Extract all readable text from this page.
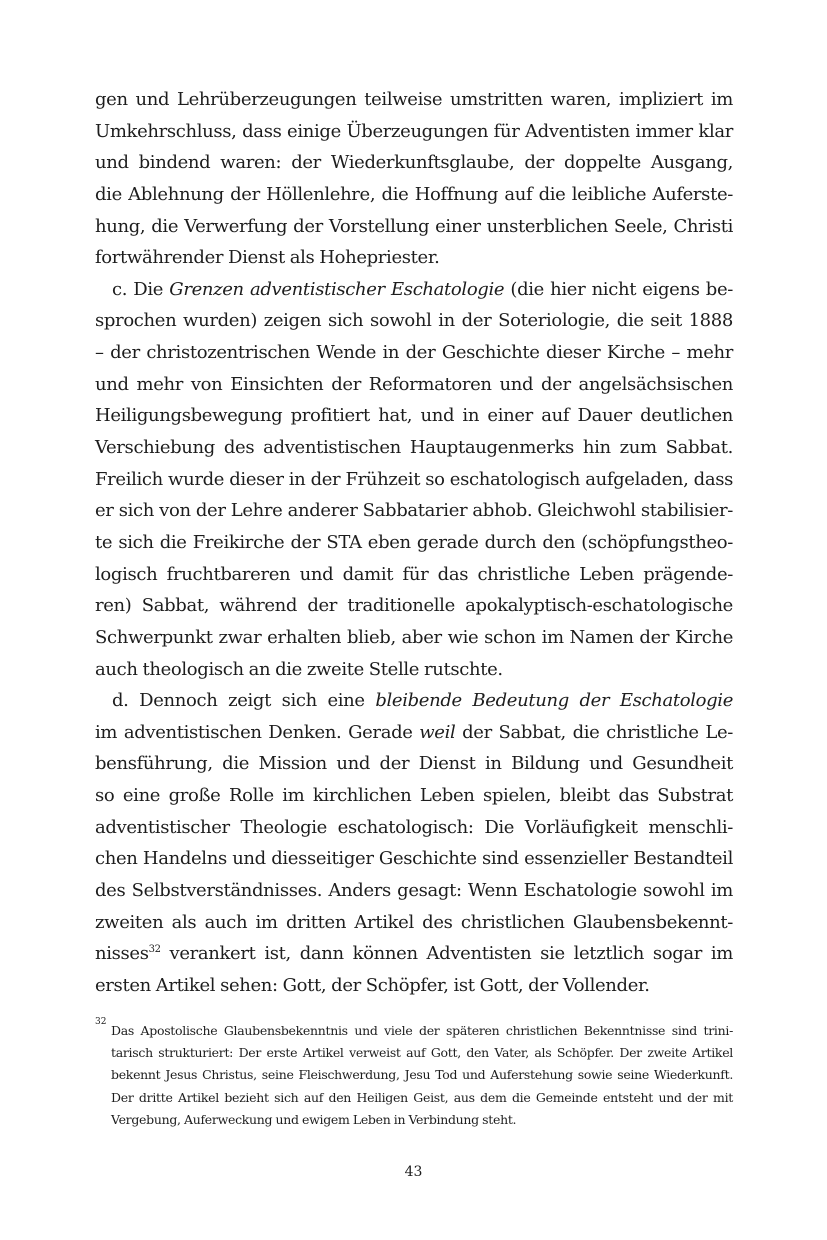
gen und Lehrüberzeugungen teilweise umstritten waren, impliziert im
Umkehrschluss, dass einige Überzeugungen für Adventisten immer klar
und bindend waren: der Wiederkunftsglaube, der doppelte Ausgang,
die Ablehnung der Höllenlehre, die Hoffnung auf die leibliche Auferste-
hung, die Verwerfung der Vorstellung einer unsterblichen Seele, Christi
fortwährender Dienst als Hohepriester.
c. Die Grenzen adventistischer Eschatologie (die hier nicht eigens be-
sprochen wurden) zeigen sich sowohl in der Soteriologie, die seit 1888
– der christozentrischen Wende in der Geschichte dieser Kirche – mehr
und mehr von Einsichten der Reformatoren und der angelsächsischen
Heiligungsbewegung profitiert hat, und in einer auf Dauer deutlichen
Verschiebung des adventistischen Hauptaugenmerks hin zum Sabbat.
Freilich wurde dieser in der Frühzeit so eschatologisch aufgeladen, dass
er sich von der Lehre anderer Sabbatarier abhob. Gleichwohl stabilisier-
te sich die Freikirche der STA eben gerade durch den (schöpfungstheo-
logisch fruchtbareren und damit für das christliche Leben prägende-
ren) Sabbat, während der traditionelle apokalyptisch-eschatologische
Schwerpunkt zwar erhalten blieb, aber wie schon im Namen der Kirche
auch theologisch an die zweite Stelle rutschte.
d. Dennoch zeigt sich eine bleibende Bedeutung der Eschatologie
im adventistischen Denken. Gerade weil der Sabbat, die christliche Le-
bensführung, die Mission und der Dienst in Bildung und Gesundheit
so eine große Rolle im kirchlichen Leben spielen, bleibt das Substrat
adventistischer Theologie eschatologisch: Die Vorläufigkeit menschli-
chen Handelns und diesseitiger Geschichte sind essenzieller Bestandteil
des Selbstverständnisses. Anders gesagt: Wenn Eschatologie sowohl im
zweiten als auch im dritten Artikel des christlichen Glaubensbekennt-
nisses$^{32}$ verankert ist, dann können Adventisten sie letztlich sogar im
ersten Artikel sehen: Gott, der Schöpfer, ist Gott, der Vollender.
32
Das Apostolische Glaubensbekenntnis und viele der späteren christlichen Bekenntnisse sind trini-
tarisch strukturiert: Der erste Artikel verweist auf Gott, den Vater, als Schöpfer. Der zweite Artikel
bekennt Jesus Christus, seine Fleischwerdung, Jesu Tod und Auferstehung sowie seine Wiederkunft.
Der dritte Artikel bezieht sich auf den Heiligen Geist, aus dem die Gemeinde entsteht und der mit
Vergebung, Auferweckung und ewigem Leben in Verbindung steht.
43
